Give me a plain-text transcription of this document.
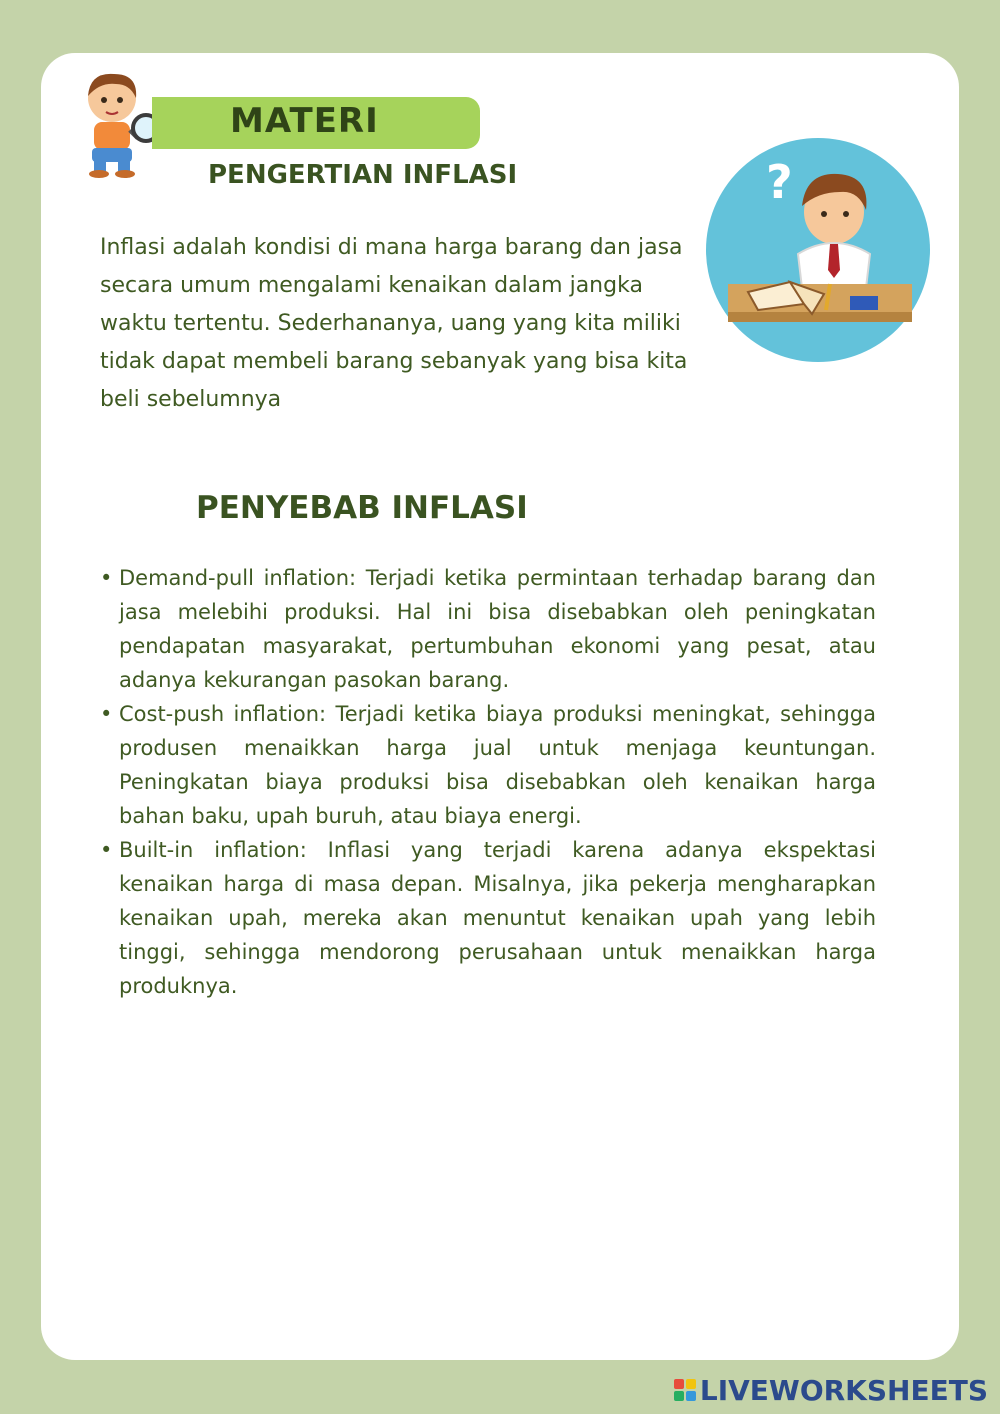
MATERI
PENGERTIAN INFLASI

Inflasi adalah kondisi di mana harga barang dan jasa secara umum mengalami kenaikan dalam jangka waktu tertentu. Sederhananya, uang yang kita miliki tidak dapat membeli barang sebanyak yang bisa kita beli sebelumnya

?
PENYEBAB INFLASI
• Demand-pull inflation: Terjadi ketika permintaan terhadap barang dan jasa melebihi produksi. Hal ini bisa disebabkan oleh peningkatan pendapatan masyarakat, pertumbuhan ekonomi yang pesat, atau adanya kekurangan pasokan barang.
• Cost-push inflation: Terjadi ketika biaya produksi meningkat, sehingga produsen menaikkan harga jual untuk menjaga keuntungan. Peningkatan biaya produksi bisa disebabkan oleh kenaikan harga bahan baku, upah buruh, atau biaya energi.
• Built-in inflation: Inflasi yang terjadi karena adanya ekspektasi kenaikan harga di masa depan. Misalnya, jika pekerja mengharapkan kenaikan upah, mereka akan menuntut kenaikan upah yang lebih tinggi, sehingga mendorong perusahaan untuk menaikkan harga produknya.
LIVEWORKSHEETS
